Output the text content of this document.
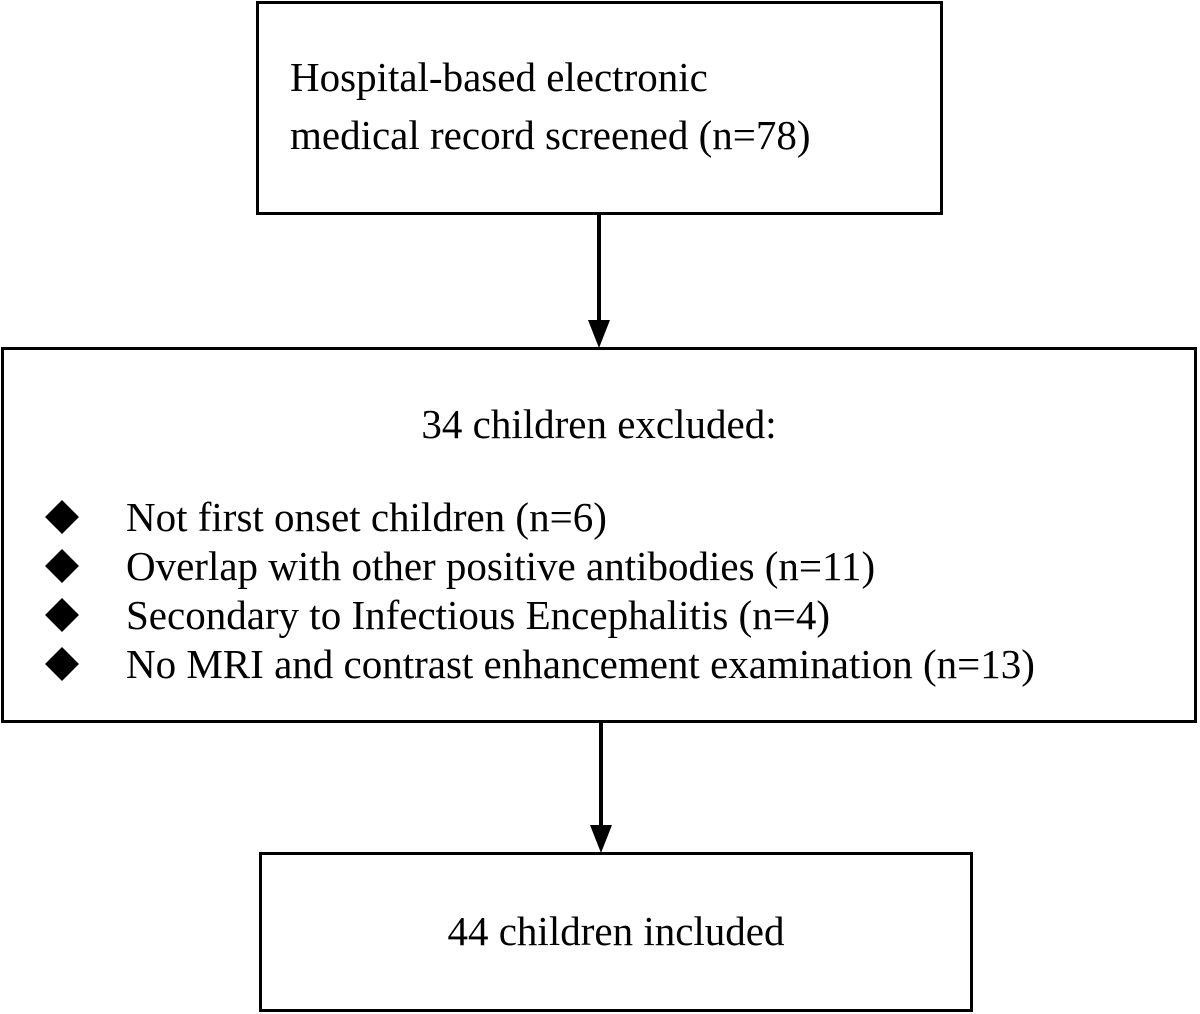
Hospital-based electronic
medical record screened (n=78)
34 children excluded:
Not first onset children (n=6)
Overlap with other positive antibodies (n=11)
Secondary to Infectious Encephalitis (n=4)
No MRI and contrast enhancement examination (n=13)
44 children included
